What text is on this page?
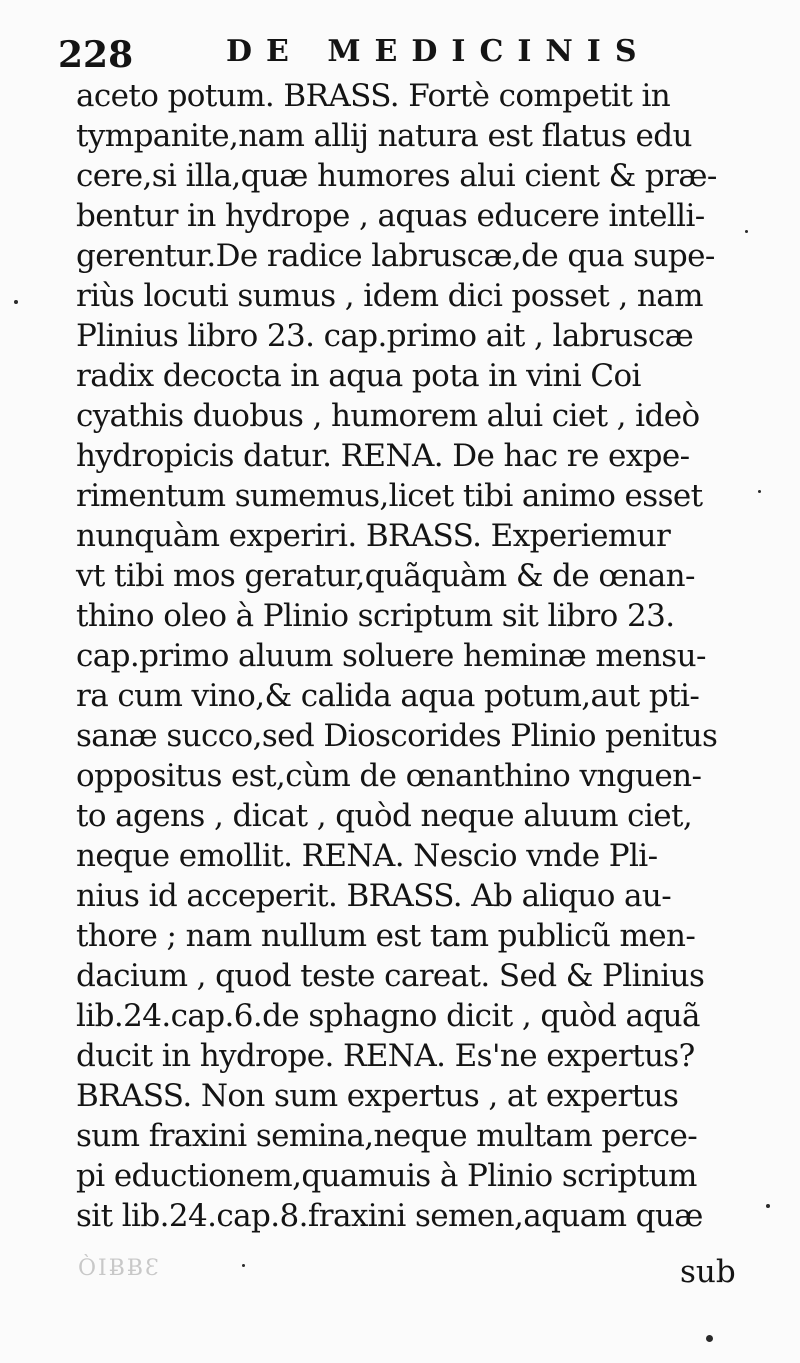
228	DE MEDICINIS
aceto potum. BRASS. Fortè competit in
tympanite,nam allij natura est flatus edu
cere,si illa,quæ humores alui cient & præ-
bentur in hydrope , aquas educere intelli-
gerentur.De radice labruscæ,de qua supe-
riùs locuti sumus , idem dici posset , nam
Plinius libro 23. cap.primo ait , labruscæ
radix decocta in aqua pota in vini Coi
cyathis duobus , humorem alui ciet , ideò
hydropicis datur. RENA. De hac re expe-
rimentum sumemus,licet tibi animo esset
nunquàm experiri. BRASS. Experiemur
vt tibi mos geratur,quãquàm & de œnan-
thino oleo à Plinio scriptum sit libro 23.
cap.primo aluum soluere heminæ mensu-
ra cum vino,& calida aqua potum,aut pti-
sanæ succo,sed Dioscorides Plinio penitus
oppositus est,cùm de œnanthino vnguen-
to agens , dicat , quòd neque aluum ciet,
neque emollit. RENA. Nescio vnde Pli-
nius id acceperit. BRASS. Ab aliquo au-
thore ; nam nullum est tam publicũ men-
dacium , quod teste careat. Sed & Plinius
lib.24.cap.6.de sphagno dicit , quòd aquã
ducit in hydrope. RENA. Es'ne expertus?
BRASS. Non sum expertus , at expertus
sum fraxini semina,neque multam perce-
pi eductionem,quamuis à Plinio scriptum
sit lib.24.cap.8.fraxini semen,aquam quæ
sub
ÒIɃɃƐ
